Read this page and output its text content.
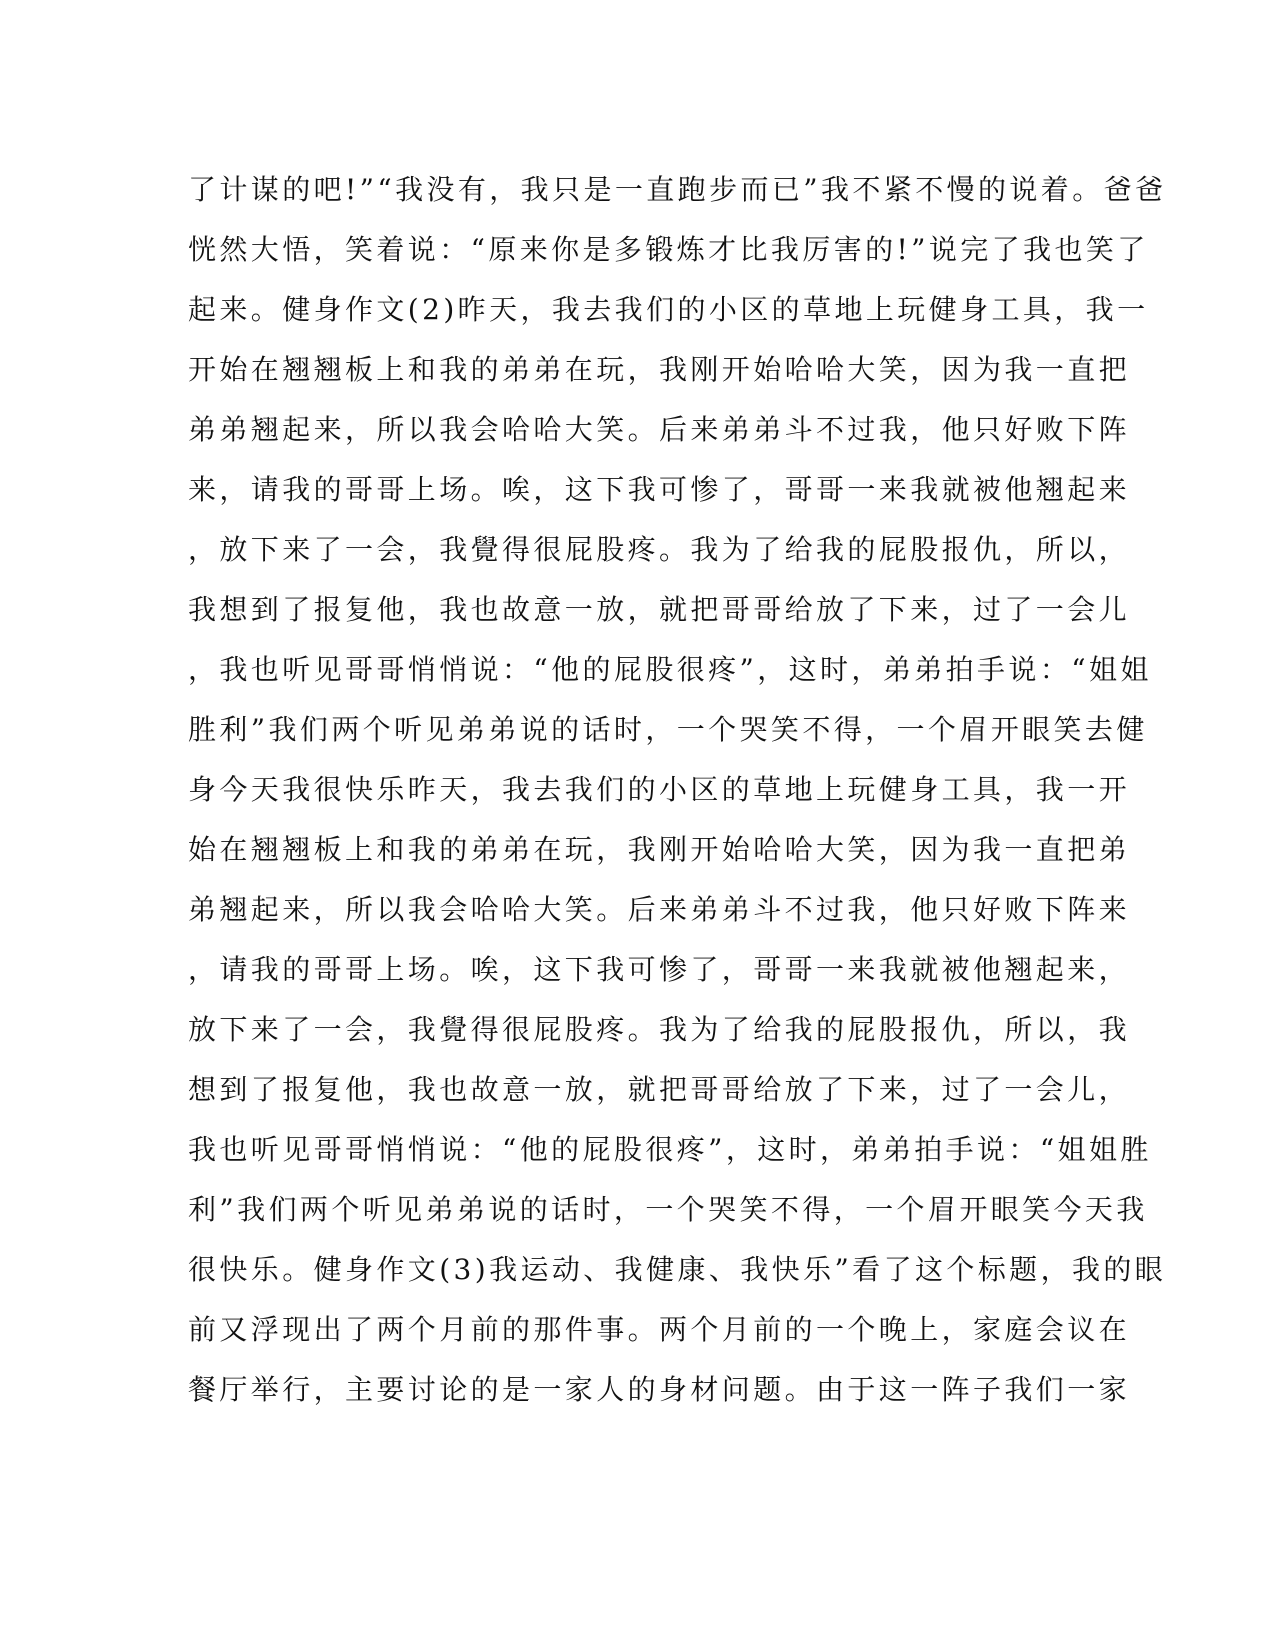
了计谋的吧!”“我没有，我只是一直跑步而已”我不紧不慢的说着。爸爸
恍然大悟，笑着说：“原来你是多锻炼才比我厉害的!”说完了我也笑了
起来。健身作文(2)昨天，我去我们的小区的草地上玩健身工具，我一
开始在翘翘板上和我的弟弟在玩，我刚开始哈哈大笑，因为我一直把
弟弟翘起来，所以我会哈哈大笑。后来弟弟斗不过我，他只好败下阵
来，请我的哥哥上场。唉，这下我可惨了，哥哥一来我就被他翘起来
，放下来了一会，我覺得很屁股疼。我为了给我的屁股报仇，所以，
我想到了报复他，我也故意一放，就把哥哥给放了下来，过了一会儿
，我也听见哥哥悄悄说：“他的屁股很疼”，这时，弟弟拍手说：“姐姐
胜利”我们两个听见弟弟说的话时，一个哭笑不得，一个眉开眼笑去健
身今天我很快乐昨天，我去我们的小区的草地上玩健身工具，我一开
始在翘翘板上和我的弟弟在玩，我刚开始哈哈大笑，因为我一直把弟
弟翘起来，所以我会哈哈大笑。后来弟弟斗不过我，他只好败下阵来
，请我的哥哥上场。唉，这下我可惨了，哥哥一来我就被他翘起来，
放下来了一会，我覺得很屁股疼。我为了给我的屁股报仇，所以，我
想到了报复他，我也故意一放，就把哥哥给放了下来，过了一会儿，
我也听见哥哥悄悄说：“他的屁股很疼”，这时，弟弟拍手说：“姐姐胜
利”我们两个听见弟弟说的话时，一个哭笑不得，一个眉开眼笑今天我
很快乐。健身作文(3)我运动、我健康、我快乐”看了这个标题，我的眼
前又浮现出了两个月前的那件事。两个月前的一个晚上，家庭会议在
餐厅举行，主要讨论的是一家人的身材问题。由于这一阵子我们一家
